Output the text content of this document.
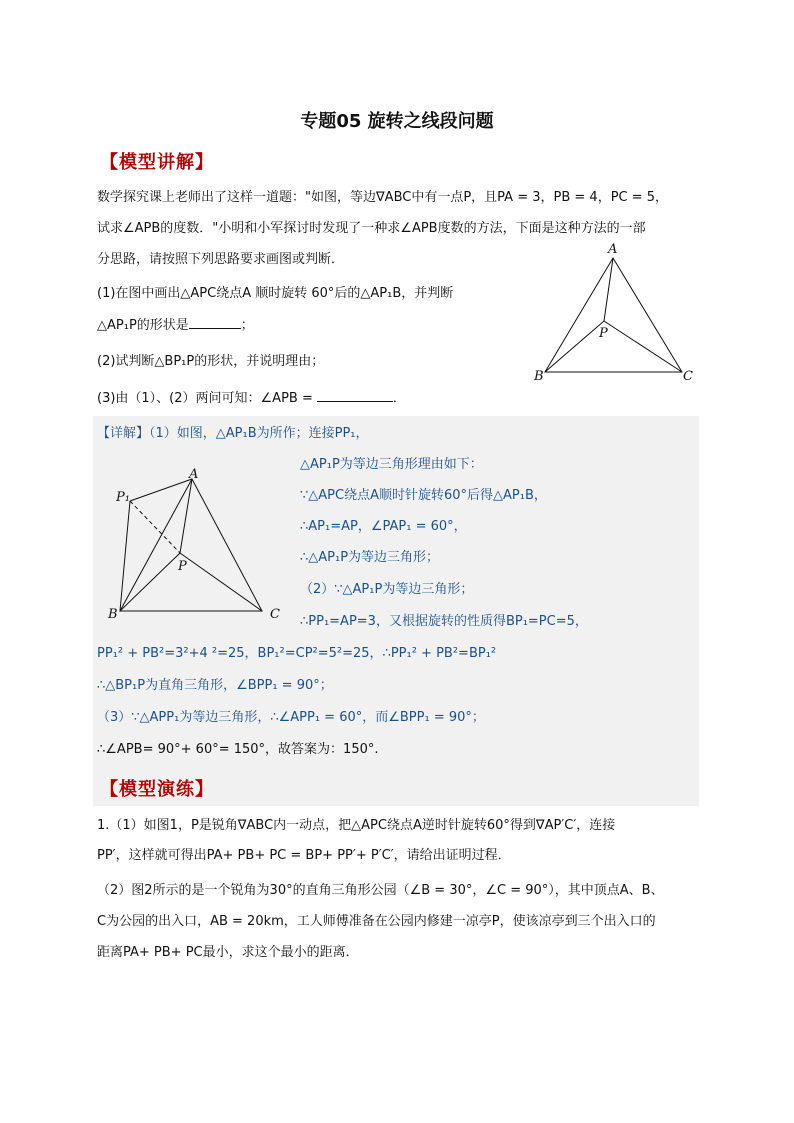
专题05 旋转之线段问题
【模型讲解】
数学探究课上老师出了这样一道题："如图，等边∇ABC中有一点P，且PA = 3，PB = 4，PC = 5，
试求∠APB的度数．"小明和小军探讨时发现了一种求∠APB度数的方法，下面是这种方法的一部
分思路，请按照下列思路要求画图或判断．
(1)在图中画出△APC绕点A 顺时旋转 60°后的△AP₁B，并判断
△AP₁P的形状是	；
(2)试判断△BP₁P的形状，并说明理由；
(3)由（1）、(2）两问可知：∠APB =	．
A
B	C
P
【详解】（1）如图，△AP₁B为所作；连接PP₁，
A
B	C
P
P₁
△AP₁P为等边三角形理由如下：
∵△APC绕点A顺时针旋转60°后得△AP₁B，
∴AP₁=AP，∠PAP₁ = 60°，
∴△AP₁P为等边三角形；
（2）∵△AP₁P为等边三角形；
∴PP₁=AP=3，又根据旋转的性质得BP₁=PC=5，
PP₁² + PB²=3²+4 ²=25，BP₁²=CP²=5²=25，∴PP₁² + PB²=BP₁²
∴△BP₁P为直角三角形，∠BPP₁ = 90°；
（3）∵△APP₁为等边三角形，∴∠APP₁ = 60°，而∠BPP₁ = 90°；
∴∠APB= 90°+ 60°= 150°，故答案为：150°.
【模型演练】
1.（1）如图1，P是锐角∇ABC内一动点，把△APC绕点A逆时针旋转60°得到∇AP′C′，连接
PP′，这样就可得出PA+ PB+ PC = BP+ PP′+ P′C′，请给出证明过程．
（2）图2所示的是一个锐角为30°的直角三角形公园（∠B = 30°，∠C = 90°），其中顶点A、B、
C为公园的出入口，AB = 20km，工人师傅准备在公园内修建一凉亭P，使该凉亭到三个出入口的
距离PA+ PB+ PC最小，求这个最小的距离．
